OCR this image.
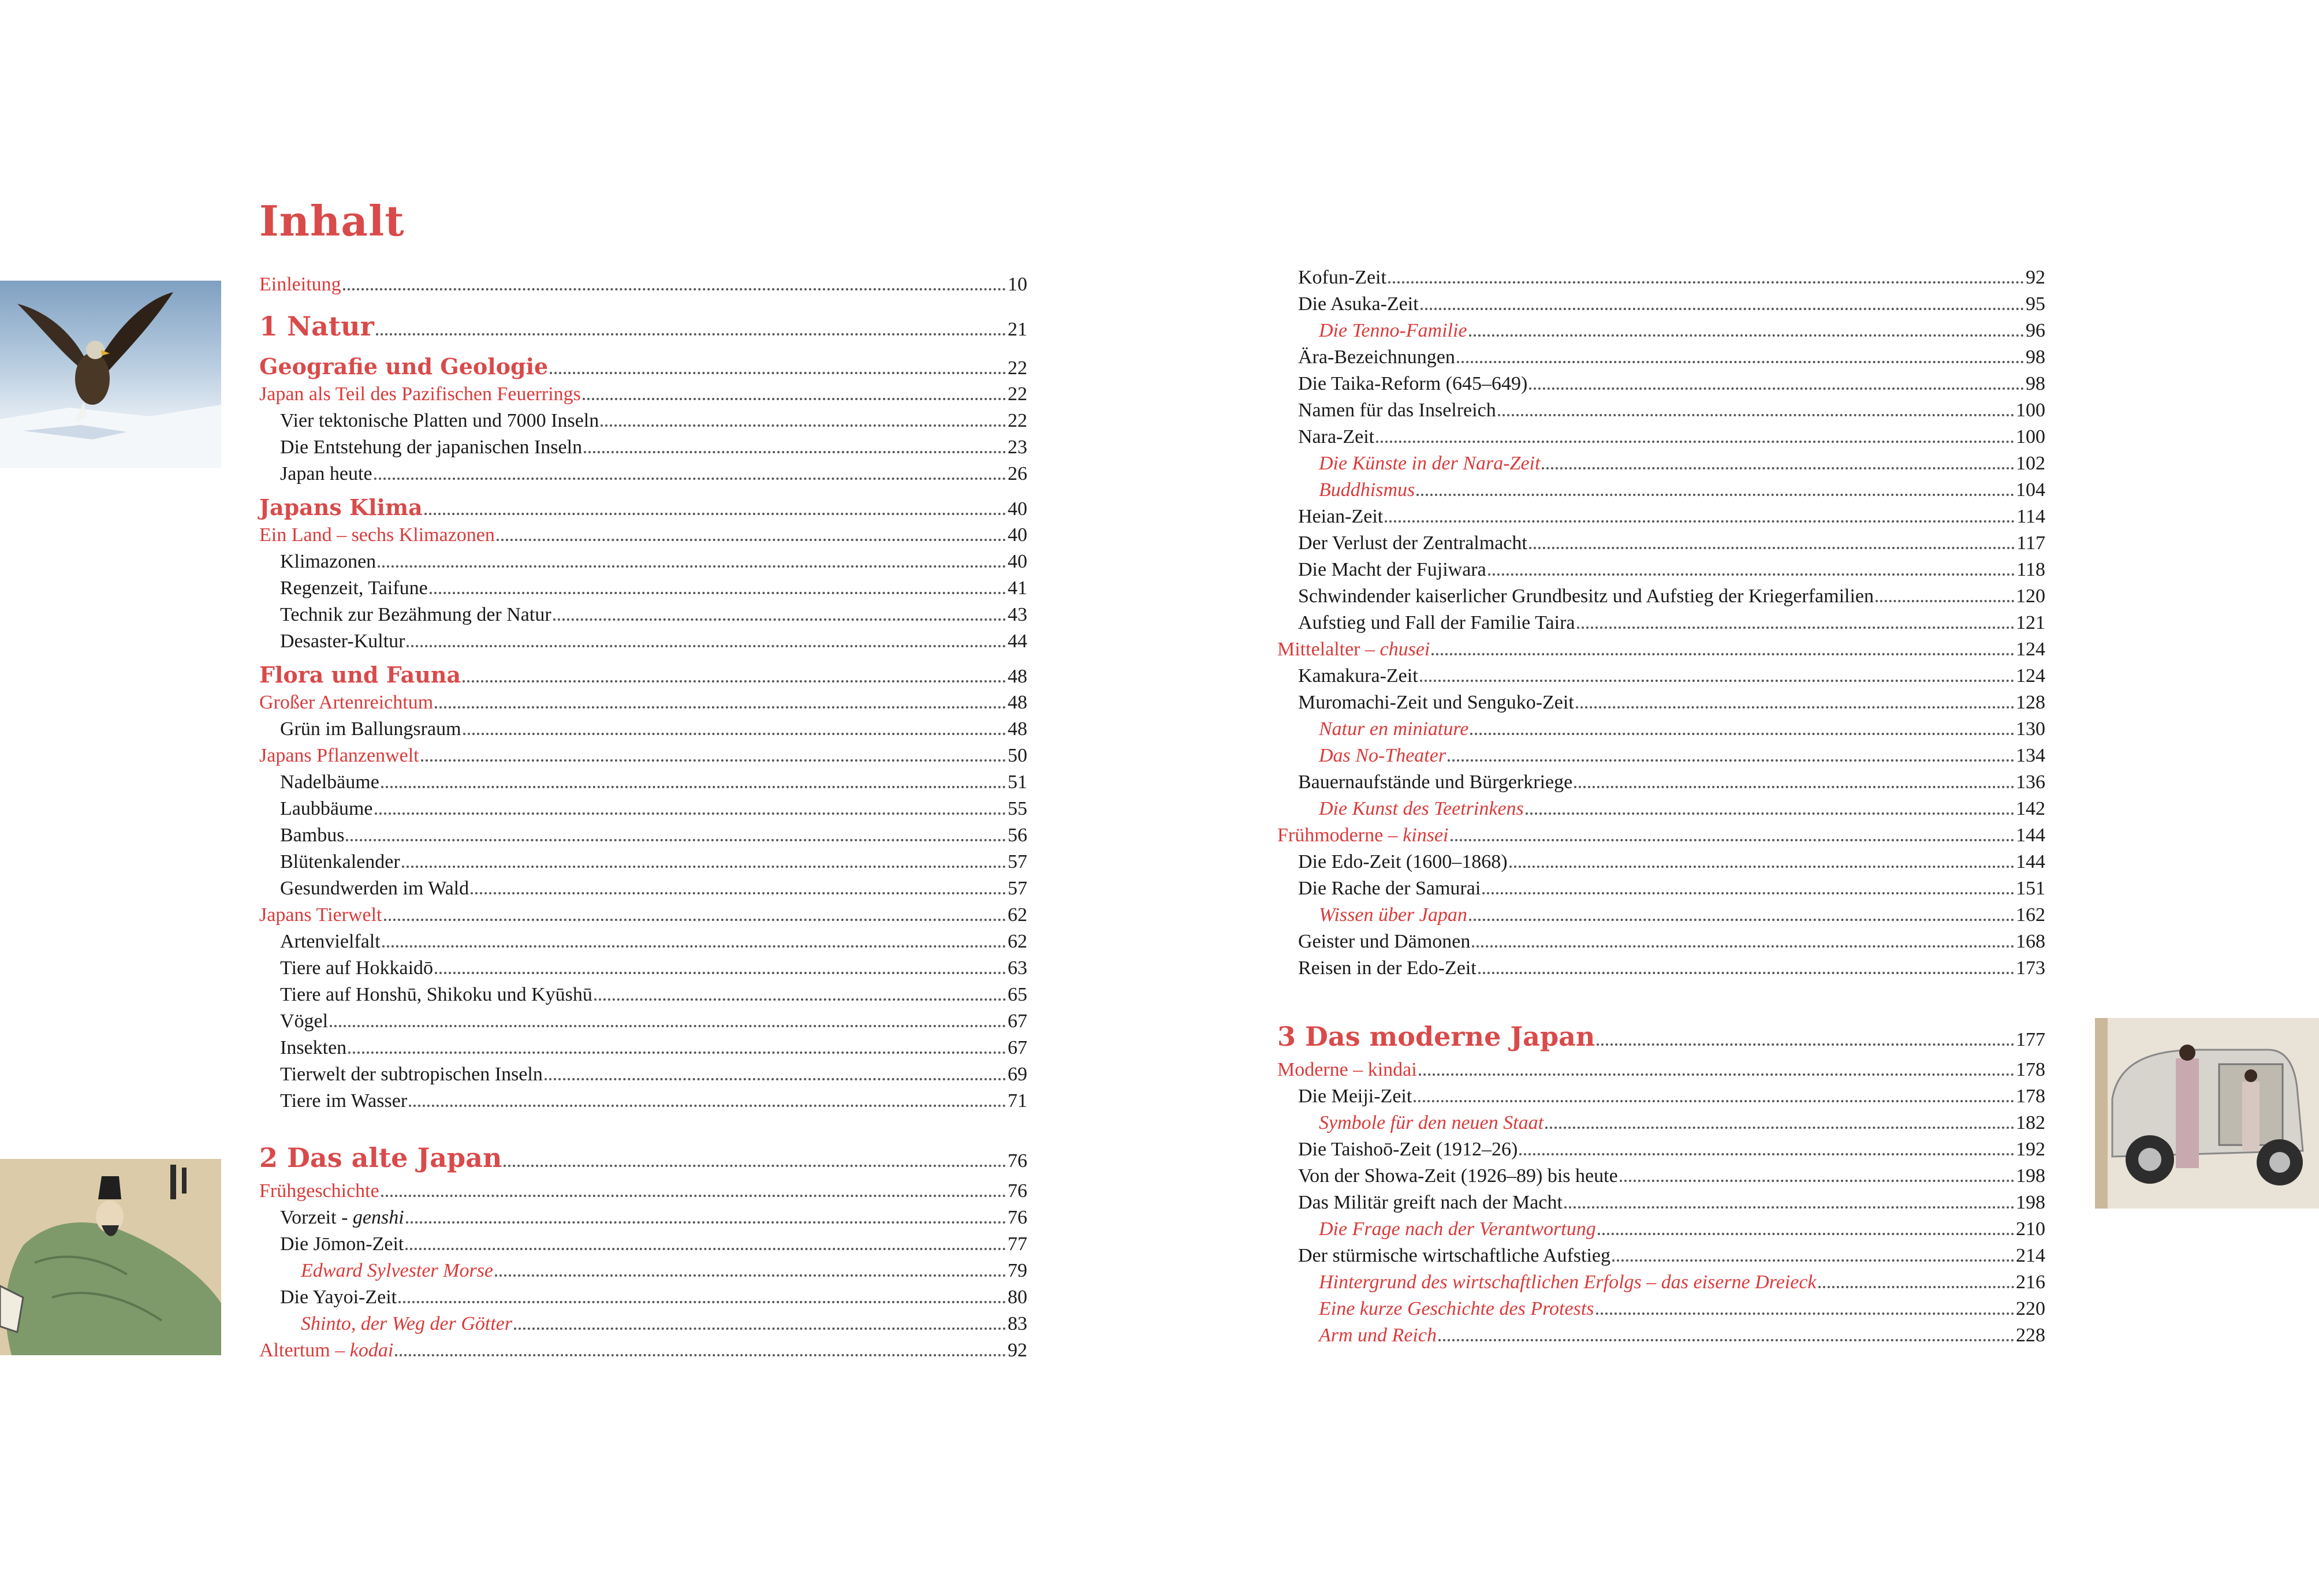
Inhalt
Einleitung	10
1 Natur	21
Geografie und Geologie	22
Japan als Teil des Pazifischen Feuerrings	22
Vier tektonische Platten und 7000 Inseln	22
Die Entstehung der japanischen Inseln	23
Japan heute	26
Japans Klima	40
Ein Land – sechs Klimazonen	40
Klimazonen	40
Regenzeit, Taifune	41
Technik zur Bezähmung der Natur	43
Desaster-Kultur	44
Flora und Fauna	48
Großer Artenreichtum	48
Grün im Ballungsraum	48
Japans Pflanzenwelt	50
Nadelbäume	51
Laubbäume	55
Bambus	56
Blütenkalender	57
Gesundwerden im Wald	57
Japans Tierwelt	62
Artenvielfalt	62
Tiere auf Hokkaidō	63
Tiere auf Honshū, Shikoku und Kyūshū	65
Vögel	67
Insekten	67
Tierwelt der subtropischen Inseln	69
Tiere im Wasser	71
2 Das alte Japan	76
Frühgeschichte	76
Vorzeit - genshi	76
Die Jōmon-Zeit	77
Edward Sylvester Morse	79
Die Yayoi-Zeit	80
Shinto, der Weg der Götter	83
Altertum – kodai	92
Kofun-Zeit	92
Die Asuka-Zeit	95
Die Tenno-Familie	96
Ära-Bezeichnungen	98
Die Taika-Reform (645–649)	98
Namen für das Inselreich	100
Nara-Zeit	100
Die Künste in der Nara-Zeit	102
Buddhismus	104
Heian-Zeit	114
Der Verlust der Zentralmacht	117
Die Macht der Fujiwara	118
Schwindender kaiserlicher Grundbesitz und Aufstieg der Kriegerfamilien	120
Aufstieg und Fall der Familie Taira	121
Mittelalter – chusei	124
Kamakura-Zeit	124
Muromachi-Zeit und Senguko-Zeit	128
Natur en miniature	130
Das No-Theater	134
Bauernaufstände und Bürgerkriege	136
Die Kunst des Teetrinkens	142
Frühmoderne – kinsei	144
Die Edo-Zeit (1600–1868)	144
Die Rache der Samurai	151
Wissen über Japan	162
Geister und Dämonen	168
Reisen in der Edo-Zeit	173
3 Das moderne Japan	177
Moderne – kindai	178
Die Meiji-Zeit	178
Symbole für den neuen Staat	182
Die Taishoō-Zeit (1912–26)	192
Von der Showa-Zeit (1926–89) bis heute	198
Das Militär greift nach der Macht	198
Die Frage nach der Verantwortung	210
Der stürmische wirtschaftliche Aufstieg	214
Hintergrund des wirtschaftlichen Erfolgs – das eiserne Dreieck	216
Eine kurze Geschichte des Protests	220
Arm und Reich	228
